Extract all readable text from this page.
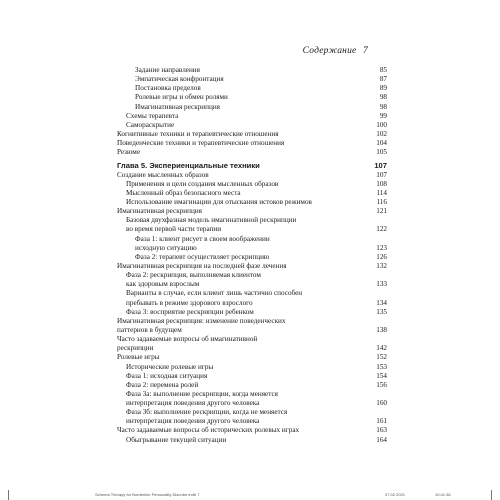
Содержание 7
Задание направления	85
Эмпатическая конфронтация	87
Постановка пределов	89
Ролевые игры и обмен ролями	98
Имагинативная рескрипция	98
Схемы терапевта	99
Самораскрытие	100
Когнитивные техники и терапевтические отношения	102
Поведенческие техники и терапевтические отношения	104
Резюме	105
Глава 5. Экспериенциальные техники	107
Создание мысленных образов	107
Применения и цели создания мысленных образов	108
Мысленный образ безопасного места	114
Использование имагинации для отыскания истоков режимов	116
Имагинативная рескрипция	121
Базовая двухфазная модель имагинативной рескрипции
во время первой части терапии	122
Фаза 1: клиент рисует в своем воображении
исходную ситуацию	123
Фаза 2: терапевт осуществляет рескрипцию	126
Имагинативная рескрипция на последней фазе лечения	132
Фаза 2: рескрипция, выполняемая клиентом
как здоровым взрослым	133
Варианты в случае, если клиент лишь частично способен
пребывать в режиме здорового взрослого	134
Фаза 3: восприятие рескрипции ребенком	135
Имагинативная рескрипция: изменение поведенческих
паттернов в будущем	138
Часто задаваемые вопросы об имагинативной
рескрипции	142
Ролевые игры	152
Исторические ролевые игры	153
Фаза 1: исходная ситуация	154
Фаза 2: перемена ролей	156
Фаза 3а: выполнение рескрипции, когда меняется
интерпретация поведения другого человека	160
Фаза 3б: выполнение рескрипции, когда не меняется
интерпретация поведения другого человека	161
Часто задаваемые вопросы об исторических ролевых играх	163
Обыгрывание текущей ситуации	164
Schema Therapy for Borderline Personality Disorder.indb 7	07.02.2021	10:41:38
